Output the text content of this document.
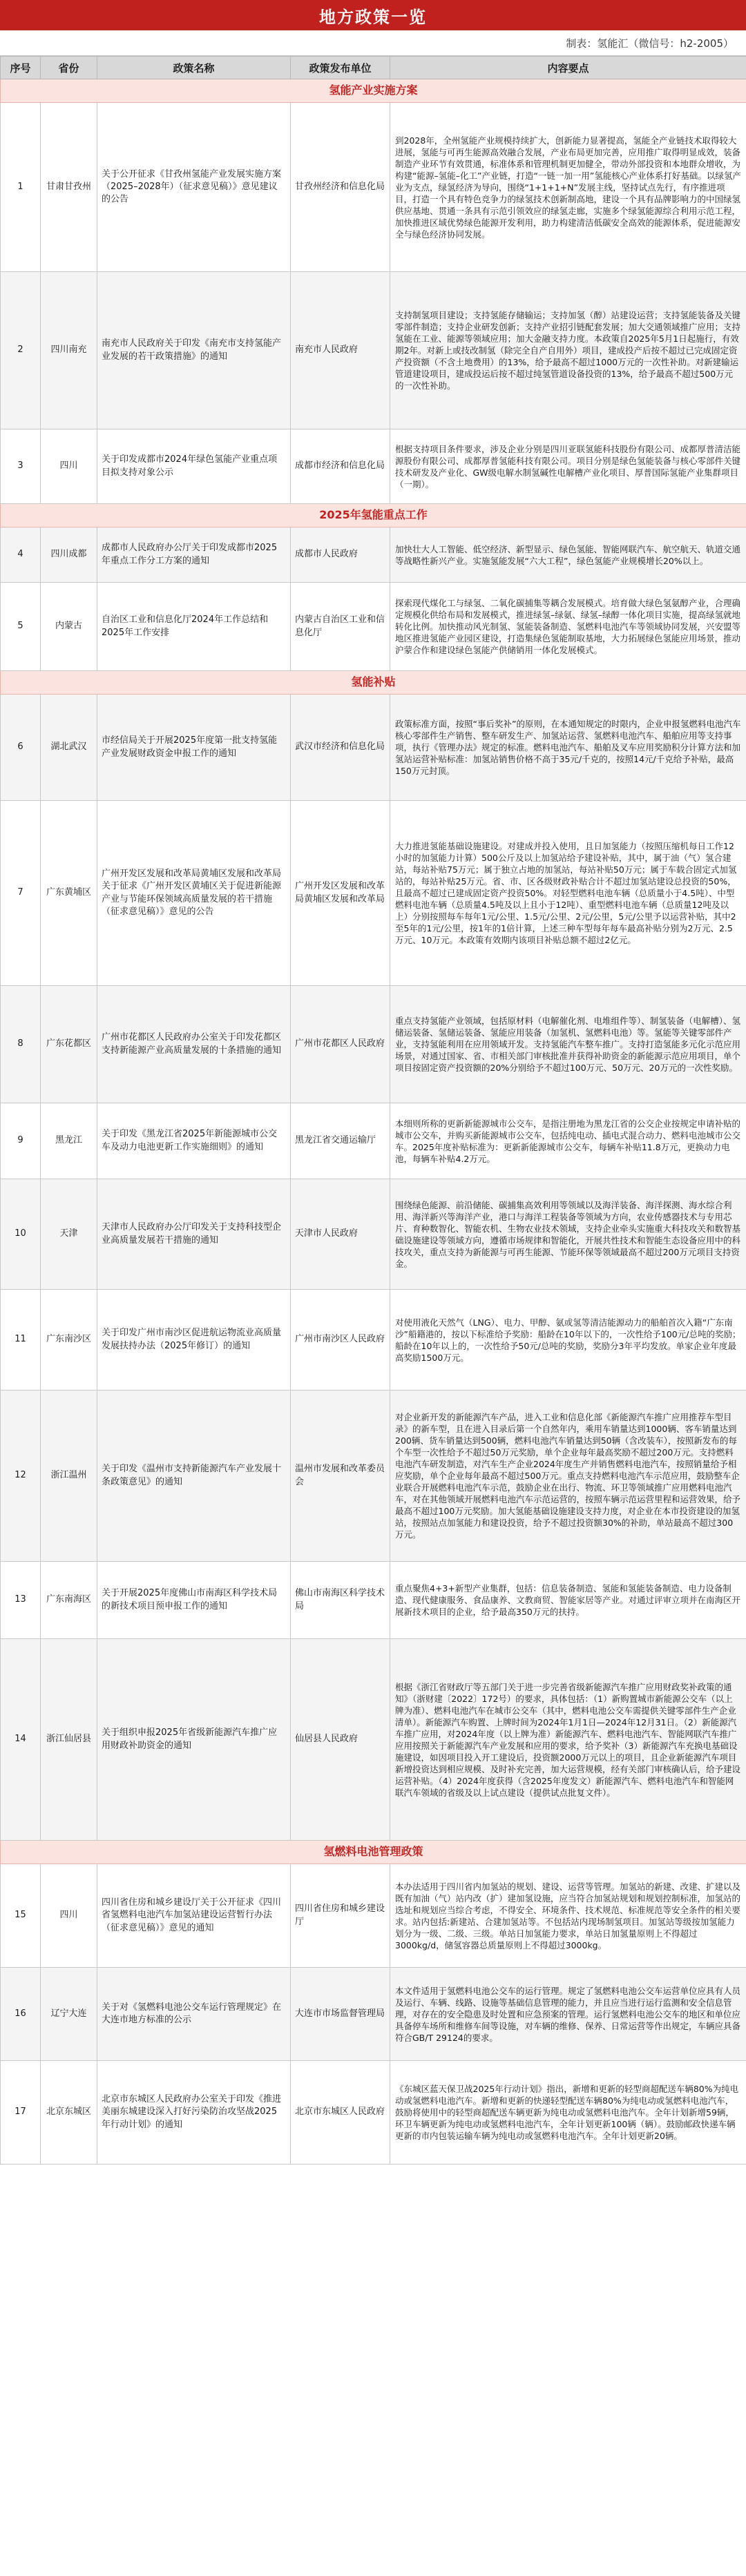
地方政策一览
制表：氢能汇（微信号：h2-2005）
序号	省份	政策名称	政策发布单位	内容要点
氢能产业实施方案				
1	甘肃甘孜州	关于公开征求《甘孜州氢能产业发展实施方案（2025–2028年）（征求意见稿）》意见建议的公告	甘孜州经济和信息化局	到2028年，全州氢能产业规模持续扩大，创新能力显著提高，氢能全产业链技术取得较大进展，氢能与可再生能源高效融合发展，产业布局更加完善，应用推广取得明显成效，装备制造产业环节有效贯通，标准体系和管理机制更加健全，带动外部投资和本地群众增收，为构建“能源–氢能–化工”产业链，打造“一链一加一用”氢能核心产业体系打好基础。以绿氢产业为支点，绿氢经济为导向，围绕“1+1+1+N”发展主线，坚持试点先行，有序推进项目，打造一个具有特色竞争力的绿氢技术创新制高地，建设一个具有品牌影响力的中国绿氢供应基地、贯通一条具有示范引领效应的绿氢走廊，实施多个绿氢能源综合利用示范工程，加快推进区域优势绿色能源开发利用，助力构建清洁低碳安全高效的能源体系，促进能源安全与绿色经济协同发展。
2	四川南充	南充市人民政府关于印发《南充市支持氢能产业发展的若干政策措施》的通知	南充市人民政府	支持制氢项目建设；支持氢能存储输运；支持加氢（醇）站建设运营；支持氢能装备及关键零部件制造；支持企业研发创新；支持产业招引链配套发展；加大交通领域推广应用；支持氢能在工业、能源等领域应用；加大金融支持力度。本政策自2025年5月1日起施行，有效期2年。对新上或技改制氢（除完全自产自用外）项目，建成投产后按不超过已完成固定资产投资额（不含土地费用）的13%，给予最高不超过1000万元的一次性补助。对新建输运管道建设项目，建成投运后按不超过纯氢管道设备投资的13%，给予最高不超过500万元的一次性补助。
3	四川	关于印发成都市2024年绿色氢能产业重点项目拟支持对象公示	成都市经济和信息化局	根据支持项目条件要求，涉及企业分别是四川亚联氢能科技股份有限公司、成都厚普清洁能源股份有限公司、成都厚普氢能科技有限公司。项目分别是绿色氢能装备与核心零部件关键技术研发及产业化、GW级电解水制氢碱性电解槽产业化项目、厚普国际氢能产业集群项目（一期）。
2025年氢能重点工作				
4	四川成都	成都市人民政府办公厅关于印发成都市2025年重点工作分工方案的通知	成都市人民政府	加快壮大人工智能、低空经济、新型显示、绿色氢能、智能网联汽车、航空航天、轨道交通等战略性新兴产业。实施氢能发展“六大工程”，绿色氢能产业规模增长20%以上。
5	内蒙古	自治区工业和信息化厅2024年工作总结和2025年工作安排	内蒙古自治区工业和信息化厅	探索现代煤化工与绿氢、二氧化碳捕集等耦合发展模式。培育做大绿色氢氨醇产业，合理确定规模化供给布局和发展模式，推进绿氢–绿氨、绿氢–绿醇一体化项目实施，提高绿氢就地转化比例。加快推动风光制氢、氢能装备制造、氢燃料电池汽车等领域协同发展，兴安盟等地区推进氢能产业园区建设，打造集绿色氢能制取基地，大力拓展绿色氢能应用场景，推动沪蒙合作和建设绿色氢能产供储销用一体化发展模式。
氢能补贴				
6	湖北武汉	市经信局关于开展2025年度第一批支持氢能产业发展财政资金申报工作的通知	武汉市经济和信息化局	政策标准方面，按照“事后奖补”的原则，在本通知规定的时限内，企业申报氢燃料电池汽车核心零部件生产销售、整车研发生产、加氢站运营、氢燃料电池汽车、船舶应用等支持事项，执行《管理办法》规定的标准。燃料电池汽车、船舶及叉车应用奖励积分计算方法和加氢站运营补贴标准：加氢站销售价格不高于35元/千克的，按照14元/千克给予补贴，最高150万元封顶。
7	广东黄埔区	广州开发区发展和改革局黄埔区发展和改革局关于征求《广州开发区黄埔区关于促进新能源产业与节能环保领域高质量发展的若干措施（征求意见稿）》意见的公告	广州开发区发展和改革局黄埔区发展和改革局	大力推进氢能基础设施建设。对建成并投入使用，且日加氢能力（按照压缩机每日工作12小时的加氢能力计算）500公斤及以上加氢站给予建设补贴，其中，属于油（气）氢合建站，每站补贴75万元；属于独立占地的加氢站，每站补贴50万元；属于车载合固定式加氢站的，每站补贴25万元。省、市、区各级财政补贴合计不超过加氢站建设总投资的50%，且最高不超过已建成固定资产投资50%。对轻型燃料电池车辆（总质量小于4.5吨）、中型燃料电池车辆（总质量4.5吨及以上且小于12吨）、重型燃料电池车辆（总质量12吨及以上）分别按照每车每年1元/公里、1.5元/公里、2元/公里，5元/公里予以运营补贴，其中2至5年的1元/公里，按1年的1倍计算，上述三种车型每年每车最高补贴分别为2万元、2.5万元、10万元。本政策有效期内该项目补贴总额不超过2亿元。
8	广东花都区	广州市花都区人民政府办公室关于印发花都区支持新能源产业高质量发展的十条措施的通知	广州市花都区人民政府	重点支持氢能产业领域，包括原材料（电解催化剂、电堆组件等）、制氢装备（电解槽）、氢储运装备、氢储运装备、氢能应用装备（加氢机、氢燃料电池）等。氢能等关键零部件产业，支持氢能利用在应用领域开发。支持氢能汽车整车推广。支持打造氢能多元化示范应用场景，对通过国家、省、市相关部门审核批准并获得补助资金的新能源示范应用项目，单个项目按固定资产投资额的20%分别给予不超过100万元、50万元、20万元的一次性奖励。
9	黑龙江	关于印发《黑龙江省2025年新能源城市公交车及动力电池更新工作实施细则》的通知	黑龙江省交通运输厅	本细则所称的更新新能源城市公交车，是指注册地为黑龙江省的公交企业按规定申请补贴的城市公交车，并购买新能源城市公交车，包括纯电动、插电式混合动力、燃料电池城市公交车。2025年度补贴标准为：更新新能源城市公交车，每辆车补贴11.8万元，更换动力电池，每辆车补贴4.2万元。
10	天津	天津市人民政府办公厅印发关于支持科技型企业高质量发展若干措施的通知	天津市人民政府	围绕绿色能源、前沿储能、碳捕集高效利用等领域以及海洋装备、海洋探测、海水综合利用、海洋新兴等海洋产业，港口与海洋工程装备等领域为方向，农业传感器技术与专用芯片、育种数智化、智能农机、生物农业技术领域，支持企业牵头实施重大科技攻关和数智基础设施建设等领域方向，遵循市场规律和智能化，开展共性技术和智能生态设备应用中的科技攻关，重点支持为新能源与可再生能源、节能环保等领域最高不超过200万元项目支持资金。
11	广东南沙区	关于印发广州市南沙区促进航运物流业高质量发展扶持办法（2025年修订）的通知	广州市南沙区人民政府	对使用液化天然气（LNG）、电力、甲醇、氨或氢等清洁能源动力的船舶首次入籍“广东南沙”船籍港的，按以下标准给予奖励：船龄在10年以下的，一次性给予100元/总吨的奖励；船龄在10年以上的，一次性给予50元/总吨的奖励，奖励分3年平均发放。单家企业年度最高奖励1500万元。
12	浙江温州	关于印发《温州市支持新能源汽车产业发展十条政策意见》的通知	温州市发展和改革委员会	对企业新开发的新能源汽车产品，进入工业和信息化部《新能源汽车推广应用推荐车型目录》的新车型，且在进入目录后第一个自然年内，乘用车销量达到1000辆、客车销量达到200辆、货车销量达到500辆，燃料电池汽车销量达到50辆（含改装车），按照新发布的每个车型一次性给予不超过50万元奖励，单个企业每年最高奖励不超过200万元。支持燃料电池汽车研发制造，对汽车生产企业2024年度生产并销售燃料电池汽车，按照销量给予相应奖励，单个企业每年最高不超过500万元。重点支持燃料电池汽车示范应用，鼓励整车企业联合开展燃料电池汽车示范，鼓励企业在出行、物流、环卫等领域推广应用燃料电池汽车，对在其他领域开展燃料电池汽车示范运营的，按照车辆示范运营里程和运营效果，给予最高不超过100万元奖励。加大氢能基础设施建设支持力度，对企业在本市投资建设的加氢站，按照站点加氢能力和建设投资，给予不超过投资额30%的补助，单站最高不超过300万元。
13	广东南海区	关于开展2025年度佛山市南海区科学技术局的新技术项目预申报工作的通知	佛山市南海区科学技术局	重点聚焦4+3+新型产业集群，包括：信息装备制造、氢能和氢能装备制造、电力设备制造、现代健康服务、食品康养、文教商贸、智能家居等产业。对通过评审立项并在南海区开展新技术项目的企业，给予最高350万元的扶持。
14	浙江仙居县	关于组织申报2025年省级新能源汽车推广应用财政补助资金的通知	仙居县人民政府	根据《浙江省财政厅等五部门关于进一步完善省级新能源汽车推广应用财政奖补政策的通知》（浙财建〔2022〕172号）的要求，具体包括：（1）新购置城市新能源公交车（以上牌为准）、燃料电池汽车在城市公交车（其中，燃料电池公交车需提供关键零部件生产企业清单）。新能源汽车购置、上牌时间为2024年1月1日—2024年12月31日。（2）新能源汽车推广应用，对2024年度（以上牌为准）新能源汽车、燃料电池汽车、智能网联汽车推广应用按照关于新能源汽车产业发展和应用的要求，给予奖补（3）新能源汽车充换电基础设施建设，如因项目投入开工建设后，投资额2000万元以上的项目，且企业新能源汽车项目新增投资达到相应规模、及时补充完善，加大运营规模，经有关部门审核确认后，给予建设运营补贴。（4）2024年度获得（含2025年度发文）新能源汽车、燃料电池汽车和智能网联汽车领域的省级及以上试点建设（提供试点批复文件）。
氢燃料电池管理政策				
15	四川	四川省住房和城乡建设厅关于公开征求《四川省氢燃料电池汽车加氢站建设运营暂行办法（征求意见稿）》意见的通知	四川省住房和城乡建设厅	本办法适用于四川省内加氢站的规划、建设、运营等管理。加氢站的新建、改建、扩建以及既有加油（气）站内改（扩）建加氢设施，应当符合加氢站规划和规划控制标准，加氢站的选址和规划应当综合考虑，不得安全、环境条件、技术规范、标准规范等安全条件的相关要求。站内包括:新建站、合建加氢站等。不包括站内现场制氢项目。加氢站等级按加氢能力划分为一级、二级、三级。单站日加氢能力要求，单站日加氢量原则上不得超过3000kg/d，储氢容器总质量原则上不得超过3000kg。
16	辽宁大连	关于对《氢燃料电池公交车运行管理规定》在大连市地方标准的公示	大连市市场监督管理局	本文件适用于氢燃料电池公交车的运行管理。规定了氢燃料电池公交车运营单位应具有人员及运行、车辆、线路、设施等基础信息管理的能力，并且应当进行运行监测和安全信息管理，对存在的安全隐患及时处置和应急预案的管理。运行氢燃料电池公交车的地区和单位应具备停车场所和维修车间等设施，对车辆的维修、保养、日常运营等作出规定，车辆应具备符合GB/T 29124的要求。
17	北京东城区	北京市东城区人民政府办公室关于印发《推进美丽东城建设深入打好污染防治攻坚战2025年行动计划》的通知	北京市东城区人民政府	《东城区蓝天保卫战2025年行动计划》指出，新增和更新的轻型商超配送车辆80%为纯电动或氢燃料电池汽车。新增和更新的快递轻型配送车辆80%为纯电动或氢燃料电池汽车，鼓励将使用中的轻型商超配送车辆更新为纯电动或氢燃料电池汽车。全年计划新增59辆，环卫车辆更新为纯电动或氢燃料电池汽车，全年计划更新100辆（辆）。鼓励邮政快递车辆更新的市内包装运输车辆为纯电动或氢燃料电池汽车。全年计划更新20辆。
